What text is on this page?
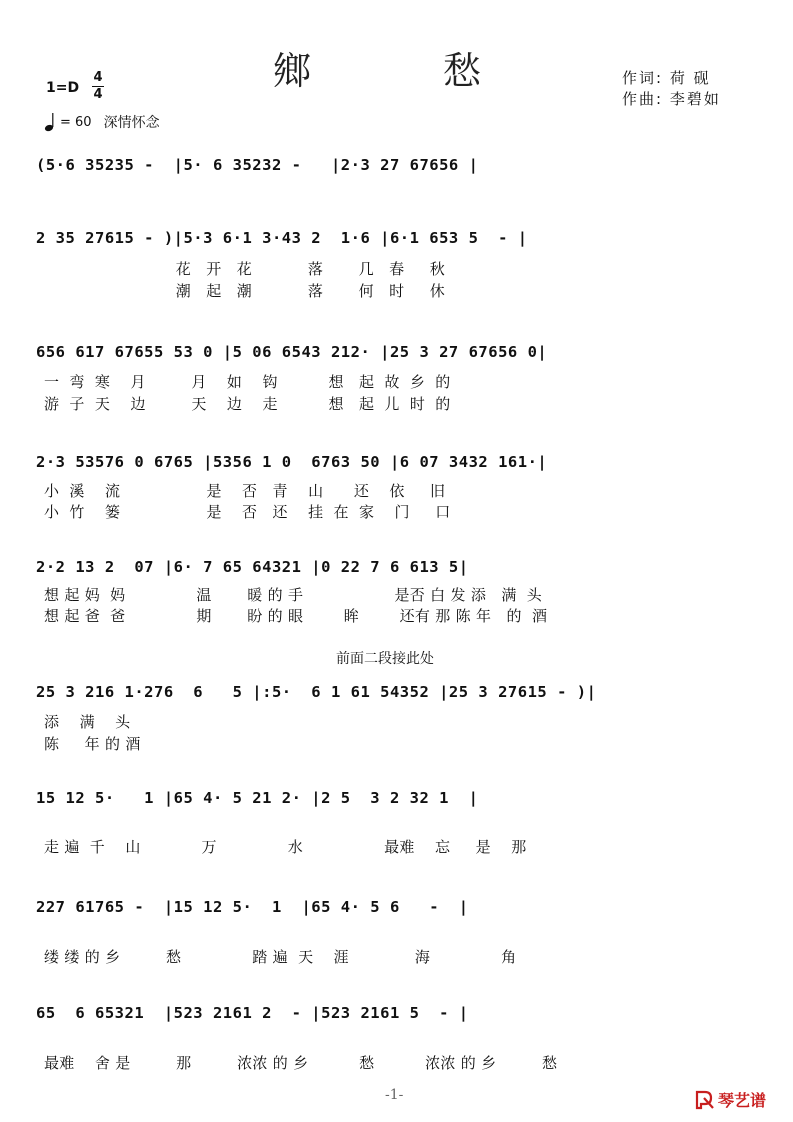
鄉	愁
1=D
4
4
= 60 深情怀念
作词: 荷 砚
作曲: 李碧如
(5·6 35235 -  |5· 6 35232 -   |2·3 27 67656 |
2 35 27615 - )|5·3 6·1 3·43 2  1·6 |6·1 653 5  - |
花   开   花           落       几   春     秋
潮   起   潮           落       何   时     休
656 617 67655 53 0 |5 06 6543 212· |25 3 27 67656 0|
一  弯  寒    月         月    如    钩          想   起  故  乡  的
游  子  天    边         天    边    走          想   起  儿  时  的
2·3 53576 0 6765 |5356 1 0  6763 50 |6 07 3432 161·|
小  溪    流                 是    否   青    山      还    依     旧
小  竹    篓                 是    否   还    挂  在  家    门     口
2·2 13 2  07 |6· 7 65 64321 |0 22 7 6 613 5|
想 起 妈  妈              温       暖 的 手                  是否 白 发 添   满  头
想 起 爸  爸              期       盼 的 眼        眸        还有 那 陈 年   的  酒
前面二段接此处
25 3 216 1·276  6   5 |:5·  6 1 61 54352 |25 3 27615 - )|
添    满    头
陈     年 的 酒
15 12 5·   1 |65 4· 5 21 2· |2 5  3 2 32 1  |
走 遍  千    山            万              水                最难    忘     是    那
227 61765 -  |15 12 5·  1  |65 4· 5 6   -  |
缕 缕 的 乡         愁              踏 遍  天    涯             海              角
65  6 65321  |523 2161 2  - |523 2161 5  - |
最难    舍 是         那         浓浓 的 乡          愁          浓浓 的 乡         愁
-1-	琴艺谱
